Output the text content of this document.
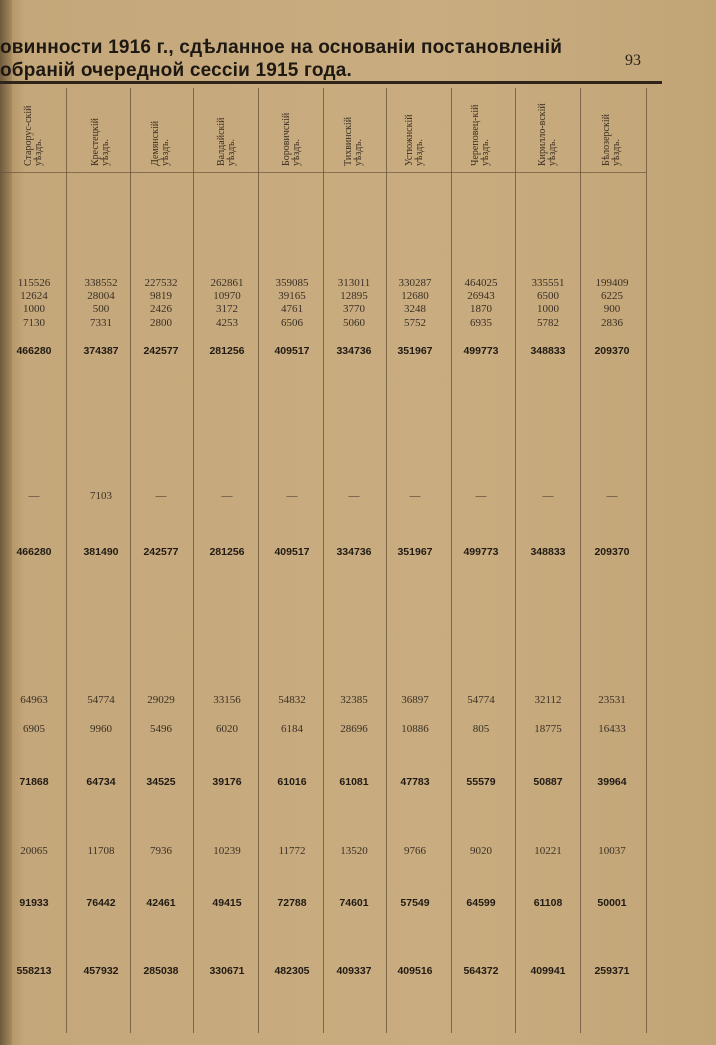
овинности 1916 г., сдѣланное на основаніи постановленій
обраній очередной сессіи 1915 года.	93
Старорус-скій уѣздъ.	Крестецкій уѣздъ.	Демянскій уѣздъ.	Валдайскій уѣздъ.	Боровичскій уѣздъ.	Тихвинскій уѣздъ.	Устюжнскій уѣздъ.	Череповец-кій уѣздъ.	Кирилло-вскій уѣздъ.	Бѣлозерскій уѣздъ.
115526	338552	227532	262861	359085	313011	330287	464025	335551	199409
12624	28004	9819	10970	39165	12895	12680	26943	6500	6225
1000	500	2426	3172	4761	3770	3248	1870	1000	900
7130	7331	2800	4253	6506	5060	5752	6935	5782	2836
466280	374387	242577	281256	409517	334736	351967	499773	348833	209370
—	7103	—	—	—	—	—	—	—	—
466280	381490	242577	281256	409517	334736	351967	499773	348833	209370
64963	54774	29029	33156	54832	32385	36897	54774	32112	23531
6905	9960	5496	6020	6184	28696	10886	805	18775	16433
71868	64734	34525	39176	61016	61081	47783	55579	50887	39964
20065	11708	7936	10239	11772	13520	9766	9020	10221	10037
91933	76442	42461	49415	72788	74601	57549	64599	61108	50001
558213	457932	285038	330671	482305	409337	409516	564372	409941	259371
